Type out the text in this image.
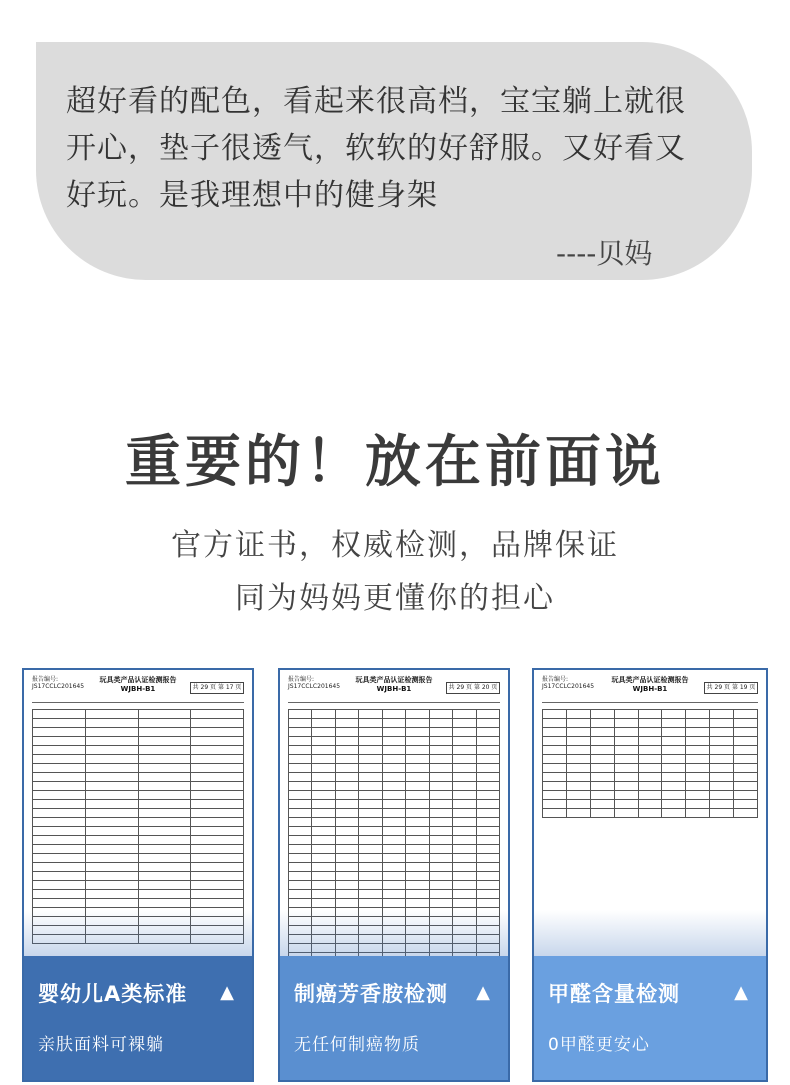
超好看的配色，看起来很高档，宝宝躺上就很开心，垫子很透气，软软的好舒服。又好看又好玩。是我理想中的健身架
----贝妈
重要的！放在前面说
官方证书，权威检测，品牌保证
同为妈妈更懂你的担心
报告编号:
JS17CCLC201645
玩具类产品认证检测报告
WJBH-B1	共 29 页 第 17 页

婴幼儿A类标准 ▲
亲肤面料可裸躺
报告编号:
JS17CCLC201645
玩具类产品认证检测报告
WJBH-B1	共 29 页 第 20 页

制癌芳香胺检测 ▲
无任何制癌物质
报告编号:
JS17CCLC201645
玩具类产品认证检测报告
WJBH-B1	共 29 页 第 19 页

甲醛含量检测	▲
0甲醛更安心
